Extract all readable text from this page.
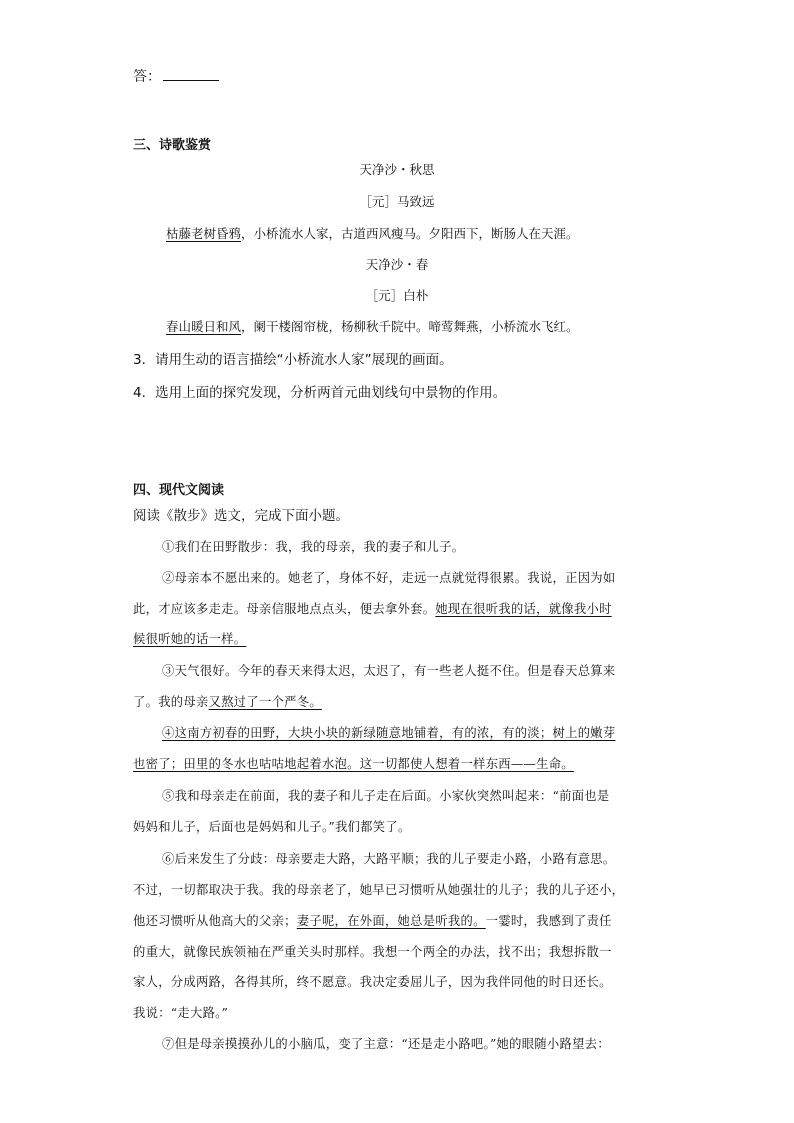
答：
三、诗歌鉴赏
天净沙・秋思
［元］马致远
枯藤老树昏鸦，小桥流水人家，古道西风瘦马。夕阳西下，断肠人在天涯。
天净沙・春
［元］白朴
春山暖日和风，阑干楼阁帘栊，杨柳秋千院中。啼莺舞燕，小桥流水飞红。
3．请用生动的语言描绘“小桥流水人家”展现的画面。
4．选用上面的探究发现，分析两首元曲划线句中景物的作用。
四、现代文阅读
阅读《散步》选文，完成下面小题。
①我们在田野散步：我，我的母亲，我的妻子和儿子。
②母亲本不愿出来的。她老了，身体不好，走远一点就觉得很累。我说，正因为如
此，才应该多走走。母亲信服地点点头，便去拿外套。她现在很听我的话，就像我小时
候很听她的话一样。
③天气很好。今年的春天来得太迟，太迟了，有一些老人挺不住。但是春天总算来
了。我的母亲又熬过了一个严冬。
④这南方初春的田野，大块小块的新绿随意地铺着，有的浓，有的淡；树上的嫩芽
也密了；田里的冬水也咕咕地起着水泡。这一切都使人想着一样东西——生命。
⑤我和母亲走在前面，我的妻子和儿子走在后面。小家伙突然叫起来：“前面也是
妈妈和儿子，后面也是妈妈和儿子。”我们都笑了。
⑥后来发生了分歧：母亲要走大路，大路平顺；我的儿子要走小路，小路有意思。
不过，一切都取决于我。我的母亲老了，她早已习惯听从她强壮的儿子；我的儿子还小，
他还习惯听从他高大的父亲；妻子呢，在外面，她总是听我的。一霎时，我感到了责任
的重大，就像民族领袖在严重关头时那样。我想一个两全的办法，找不出；我想拆散一
家人，分成两路，各得其所，终不愿意。我决定委屈儿子，因为我伴同他的时日还长。
我说：“走大路。”
⑦但是母亲摸摸孙儿的小脑瓜，变了主意：“还是走小路吧。”她的眼随小路望去：
